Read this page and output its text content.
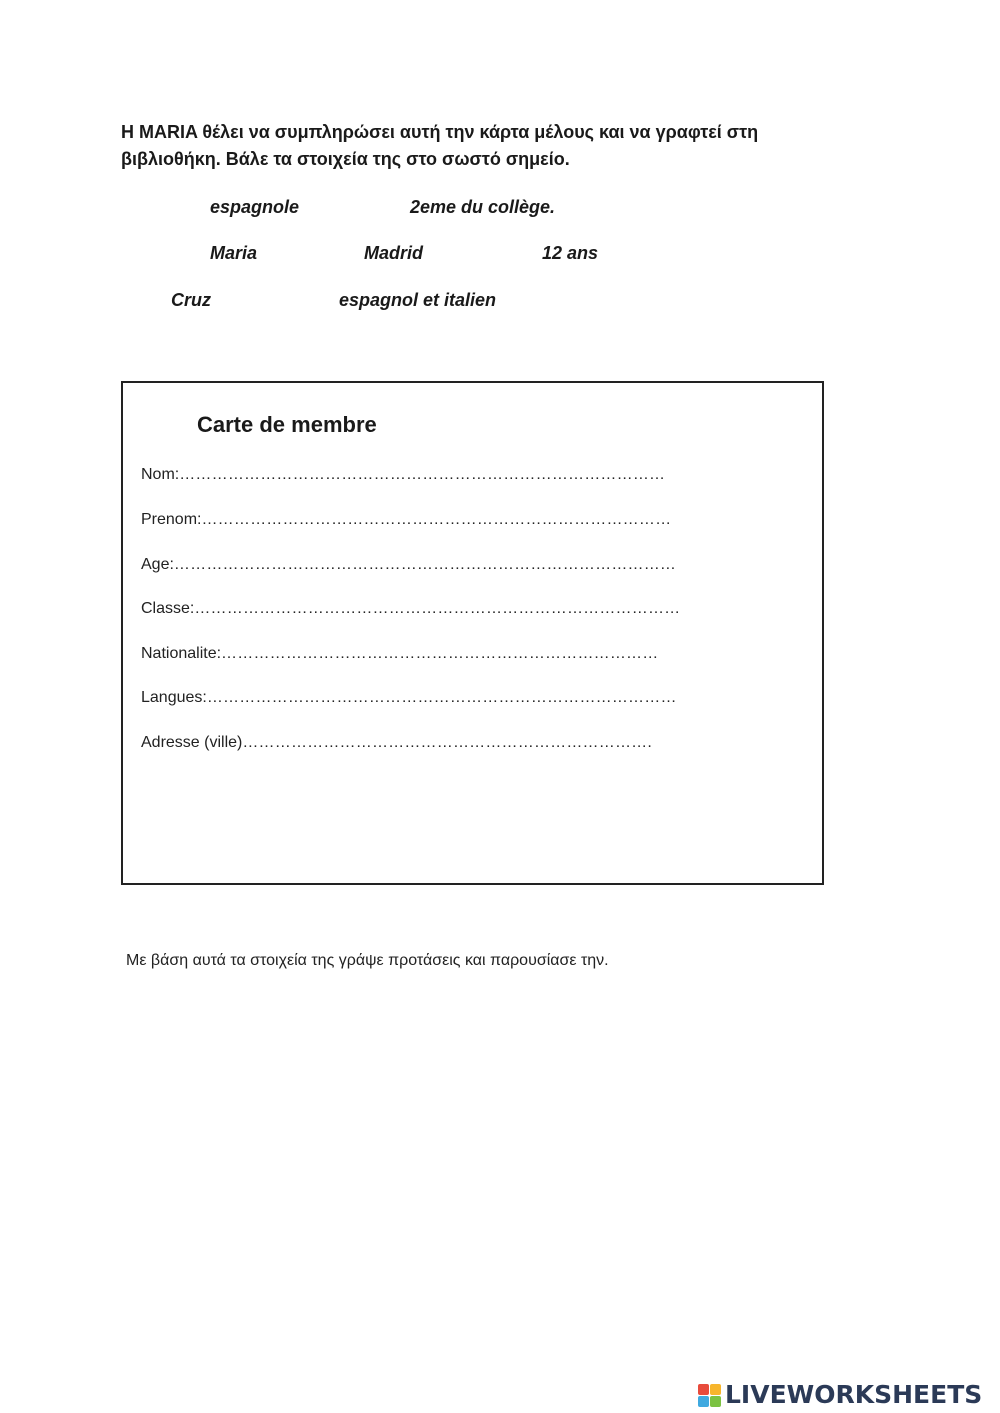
Η MARIA θέλει να συμπληρώσει αυτή την κάρτα μέλους και να γραφτεί στη
βιβλιοθήκη. Βάλε τα στοιχεία της στο σωστό σημείο.

espagnole	2eme du collège.
Maria	Madrid	12 ans
Cruz	espagnol et italien
Carte de membre
Nom:………………………………………………………………………………
Prenom:……………………………………………………………………………
Age:…………………………………………………………………………………
Classe:………………………………………………………………………………
Nationalite:………………………………………………………………………
Langues:……………………………………………………………………………
Adresse (ville)………………………………………………………………….

Με βάση αυτά τα στοιχεία της γράψε προτάσεις και παρουσίασε την.

LIVEWORKSHEETS
